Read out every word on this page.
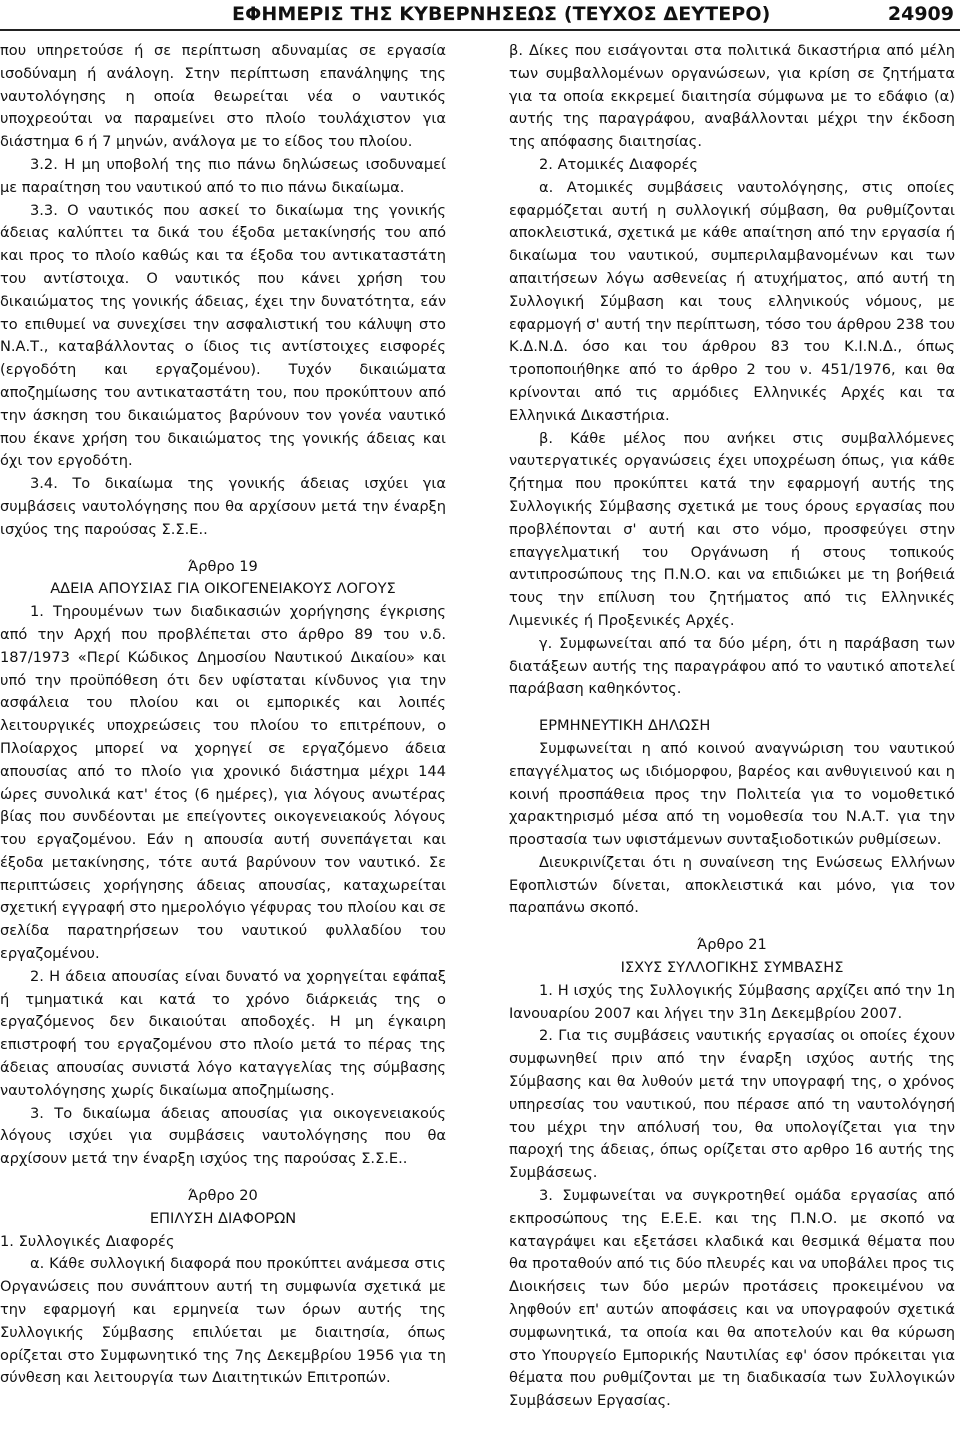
ΕΦΗΜΕΡΙΣ ΤΗΣ ΚΥΒΕΡΝΗΣΕΩΣ (ΤΕΥΧΟΣ ΔΕΥΤΕΡΟ)	24909

που υπηρετούσε ή σε περίπτωση αδυναμίας σε εργασία ισοδύναμη ή ανάλογη. Στην περίπτωση επανάληψης της ναυτολόγησης η οποία θεωρείται νέα ο ναυτικός υποχρεούται να παραμείνει στο πλοίο τουλάχιστον για διάστημα 6 ή 7 μηνών, ανάλογα με το είδος του πλοίου.

3.2. Η μη υποβολή της πιο πάνω δηλώσεως ισοδυναμεί με παραίτηση του ναυτικού από το πιο πάνω δικαίωμα.

3.3. Ο ναυτικός που ασκεί το δικαίωμα της γονικής άδειας καλύπτει τα δικά του έξοδα μετακίνησής του από και προς το πλοίο καθώς και τα έξοδα του αντικαταστάτη του αντίστοιχα. Ο ναυτικός που κάνει χρήση του δικαιώματος της γονικής άδειας, έχει την δυνατότητα, εάν το επιθυμεί να συνεχίσει την ασφαλιστική του κάλυψη στο Ν.Α.Τ., καταβάλλοντας ο ίδιος τις αντίστοιχες εισφορές (εργοδότη και εργαζομένου). Τυχόν δικαιώματα αποζημίωσης του αντικαταστάτη του, που προκύπτουν από την άσκηση του δικαιώματος βαρύνουν τον γονέα ναυτικό που έκανε χρήση του δικαιώματος της γονικής άδειας και όχι τον εργοδότη.

3.4. Το δικαίωμα της γονικής άδειας ισχύει για συμβάσεις ναυτολόγησης που θα αρχίσουν μετά την έναρξη ισχύος της παρούσας Σ.Σ.Ε..

Άρθρο 19

ΑΔΕΙΑ ΑΠΟΥΣΙΑΣ ΓΙΑ ΟΙΚΟΓΕΝΕΙΑΚΟΥΣ ΛΟΓΟΥΣ

1. Τηρουμένων των διαδικασιών χορήγησης έγκρισης από την Αρχή που προβλέπεται στο άρθρο 89 του ν.δ. 187/1973 «Περί Κώδικος Δημοσίου Ναυτικού Δικαίου» και υπό την προϋπόθεση ότι δεν υφίσταται κίνδυνος για την ασφάλεια του πλοίου και οι εμπορικές και λοιπές λειτουργικές υποχρεώσεις του πλοίου το επιτρέπουν, ο Πλοίαρχος μπορεί να χορηγεί σε εργαζόμενο άδεια απουσίας από το πλοίο για χρονικό διάστημα μέχρι 144 ώρες συνολικά κατ' έτος (6 ημέρες), για λόγους ανωτέρας βίας που συνδέονται με επείγοντες οικογενειακούς λόγους του εργαζομένου. Εάν η απουσία αυτή συνεπάγεται και έξοδα μετακίνησης, τότε αυτά βαρύνουν τον ναυτικό. Σε περιπτώσεις χορήγησης άδειας απουσίας, καταχωρείται σχετική εγγραφή στο ημερολόγιο γέφυρας του πλοίου και σε σελίδα παρατηρήσεων του ναυτικού φυλλαδίου του εργαζομένου.

2. Η άδεια απουσίας είναι δυνατό να χορηγείται εφάπαξ ή τμηματικά και κατά το χρόνο διάρκειάς της ο εργαζόμενος δεν δικαιούται αποδοχές. Η μη έγκαιρη επιστροφή του εργαζομένου στο πλοίο μετά το πέρας της άδειας απουσίας συνιστά λόγο καταγγελίας της σύμβασης ναυτολόγησης χωρίς δικαίωμα αποζημίωσης.

3. Το δικαίωμα άδειας απουσίας για οικογενειακούς λόγους ισχύει για συμβάσεις ναυτολόγησης που θα αρχίσουν μετά την έναρξη ισχύος της παρούσας Σ.Σ.Ε..

Άρθρο 20

ΕΠΙΛΥΣΗ ΔΙΑΦΟΡΩΝ

1. Συλλογικές Διαφορές

α. Κάθε συλλογική διαφορά που προκύπτει ανάμεσα στις Οργανώσεις που συνάπτουν αυτή τη συμφωνία σχετικά με την εφαρμογή και ερμηνεία των όρων αυτής της Συλλογικής Σύμβασης επιλύεται με διαιτησία, όπως ορίζεται στο Συμφωνητικό της 7ης Δεκεμβρίου 1956 για τη σύνθεση και λειτουργία των Διαιτητικών Επιτροπών.

β. Δίκες που εισάγονται στα πολιτικά δικαστήρια από μέλη των συμβαλλομένων οργανώσεων, για κρίση σε ζητήματα για τα οποία εκκρεμεί διαιτησία σύμφωνα με το εδάφιο (α) αυτής της παραγράφου, αναβάλλονται μέχρι την έκδοση της απόφασης διαιτησίας.

2. Ατομικές Διαφορές

α. Ατομικές συμβάσεις ναυτολόγησης, στις οποίες εφαρμόζεται αυτή η συλλογική σύμβαση, θα ρυθμίζονται αποκλειστικά, σχετικά με κάθε απαίτηση από την εργασία ή δικαίωμα του ναυτικού, συμπεριλαμβανομένων και των απαιτήσεων λόγω ασθενείας ή ατυχήματος, από αυτή τη Συλλογική Σύμβαση και τους ελληνικούς νόμους, με εφαρμογή σ' αυτή την περίπτωση, τόσο του άρθρου 238 του Κ.Δ.Ν.Δ. όσο και του άρθρου 83 του Κ.Ι.Ν.Δ., όπως τροποποιήθηκε από το άρθρο 2 του ν. 451/1976, και θα κρίνονται από τις αρμόδιες Ελληνικές Αρχές και τα Ελληνικά Δικαστήρια.

β. Κάθε μέλος που ανήκει στις συμβαλλόμενες ναυτεργατικές οργανώσεις έχει υποχρέωση όπως, για κάθε ζήτημα που προκύπτει κατά την εφαρμογή αυτής της Συλλογικής Σύμβασης σχετικά με τους όρους εργασίας που προβλέπονται σ' αυτή και στο νόμο, προσφεύγει στην επαγγελματική του Οργάνωση ή στους τοπικούς αντιπροσώπους της Π.Ν.Ο. και να επιδιώκει με τη βοήθειά τους την επίλυση του ζητήματος από τις Ελληνικές Λιμενικές ή Προξενικές Αρχές.

γ. Συμφωνείται από τα δύο μέρη, ότι η παράβαση των διατάξεων αυτής της παραγράφου από το ναυτικό αποτελεί παράβαση καθηκόντος.

ΕΡΜΗΝΕΥΤΙΚΗ ΔΗΛΩΣΗ

Συμφωνείται η από κοινού αναγνώριση του ναυτικού επαγγέλματος ως ιδιόμορφου, βαρέος και ανθυγιεινού και η κοινή προσπάθεια προς την Πολιτεία για το νομοθετικό χαρακτηρισμό μέσα από τη νομοθεσία του Ν.Α.Τ. για την προστασία των υφιστάμενων συνταξιοδοτικών ρυθμίσεων.

Διευκρινίζεται ότι η συναίνεση της Ενώσεως Ελλήνων Εφοπλιστών δίνεται, αποκλειστικά και μόνο, για τον παραπάνω σκοπό.

Άρθρο 21

ΙΣΧΥΣ ΣΥΛΛΟΓΙΚΗΣ ΣΥΜΒΑΣΗΣ

1. Η ισχύς της Συλλογικής Σύμβασης αρχίζει από την 1η Ιανουαρίου 2007 και λήγει την 31η Δεκεμβρίου 2007.

2. Για τις συμβάσεις ναυτικής εργασίας οι οποίες έχουν συμφωνηθεί πριν από την έναρξη ισχύος αυτής της Σύμβασης και θα λυθούν μετά την υπογραφή της, ο χρόνος υπηρεσίας του ναυτικού, που πέρασε από τη ναυτολόγησή του μέχρι την απόλυσή του, θα υπολογίζεται για την παροχή της άδειας, όπως ορίζεται στο αρθρο 16 αυτής της Συμβάσεως.

3. Συμφωνείται να συγκροτηθεί ομάδα εργασίας από εκπροσώπους της Ε.Ε.Ε. και της Π.Ν.Ο. με σκοπό να καταγράψει και εξετάσει κλαδικά και θεσμικά θέματα που θα προταθούν από τις δύο πλευρές και να υποβάλει προς τις Διοικήσεις των δύο μερών προτάσεις προκειμένου να ληφθούν επ' αυτών αποφάσεις και να υπογραφούν σχετικά συμφωνητικά, τα οποία και θα αποτελούν και θα κύρωση στο Υπουργείο Εμπορικής Ναυτιλίας εφ' όσον πρόκειται για θέματα που ρυθμίζονται με τη διαδικασία των Συλλογικών Συμβάσεων Εργασίας.
